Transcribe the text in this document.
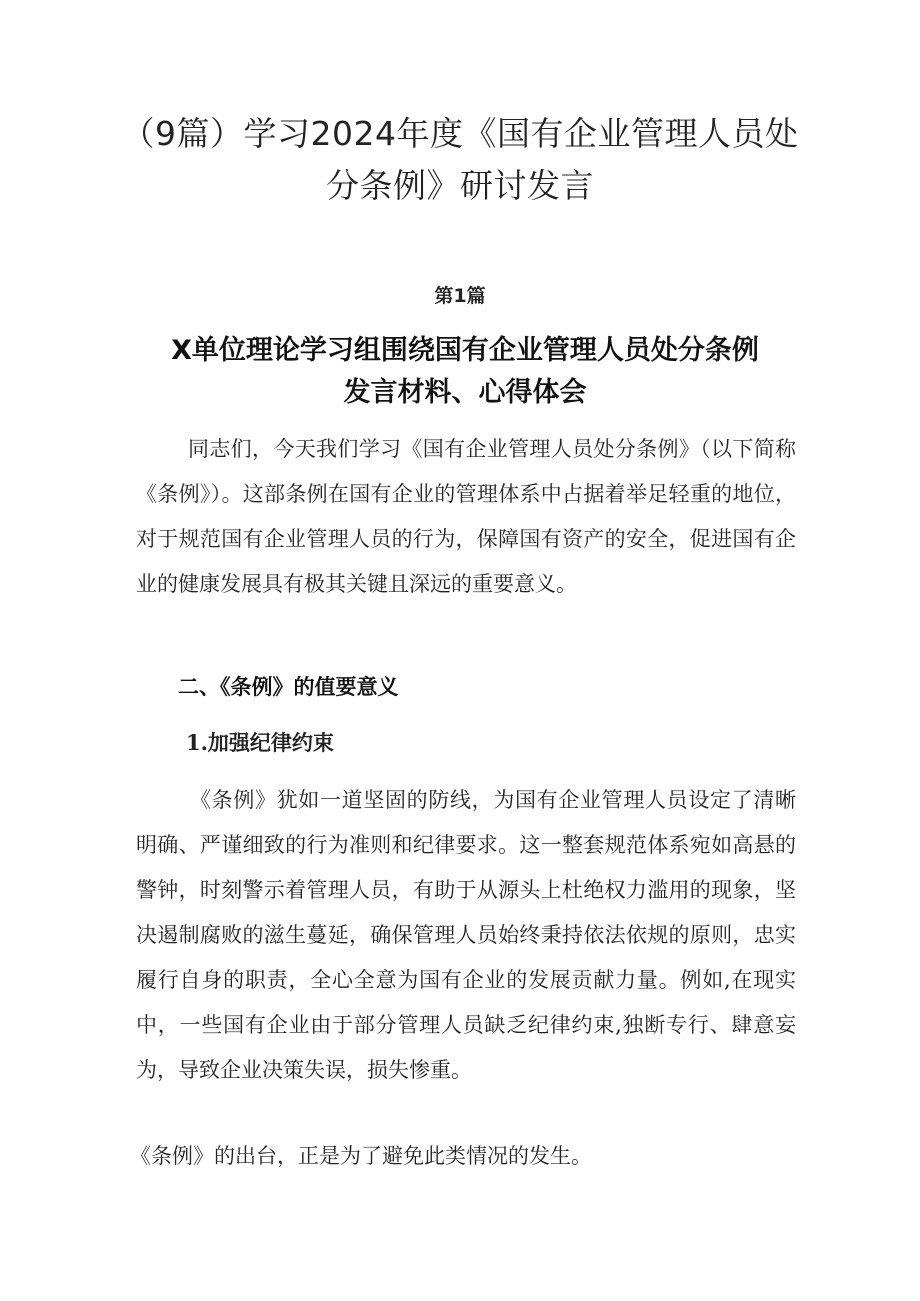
（9篇）学习2024年度《国有企业管理人员处分条例》研讨发言
第1篇
X单位理论学习组围绕国有企业管理人员处分条例发言材料、心得体会

同志们，今天我们学习《国有企业管理人员处分条例》（以下简称《条例》）。这部条例在国有企业的管理体系中占据着举足轻重的地位，对于规范国有企业管理人员的行为，保障国有资产的安全，促进国有企业的健康发展具有极其关键且深远的重要意义。

二、《条例》的值要意义
1.加强纪律约束

《条例》犹如一道坚固的防线，为国有企业管理人员设定了清晰明确、严谨细致的行为准则和纪律要求。这一整套规范体系宛如高悬的警钟，时刻警示着管理人员，有助于从源头上杜绝权力滥用的现象，坚决遏制腐败的滋生蔓延，确保管理人员始终秉持依法依规的原则，忠实履行自身的职责，全心全意为国有企业的发展贡献力量。例如,在现实中，一些国有企业由于部分管理人员缺乏纪律约束,独断专行、肆意妄为，导致企业决策失误，损失惨重。

《条例》的出台，正是为了避免此类情况的发生。
